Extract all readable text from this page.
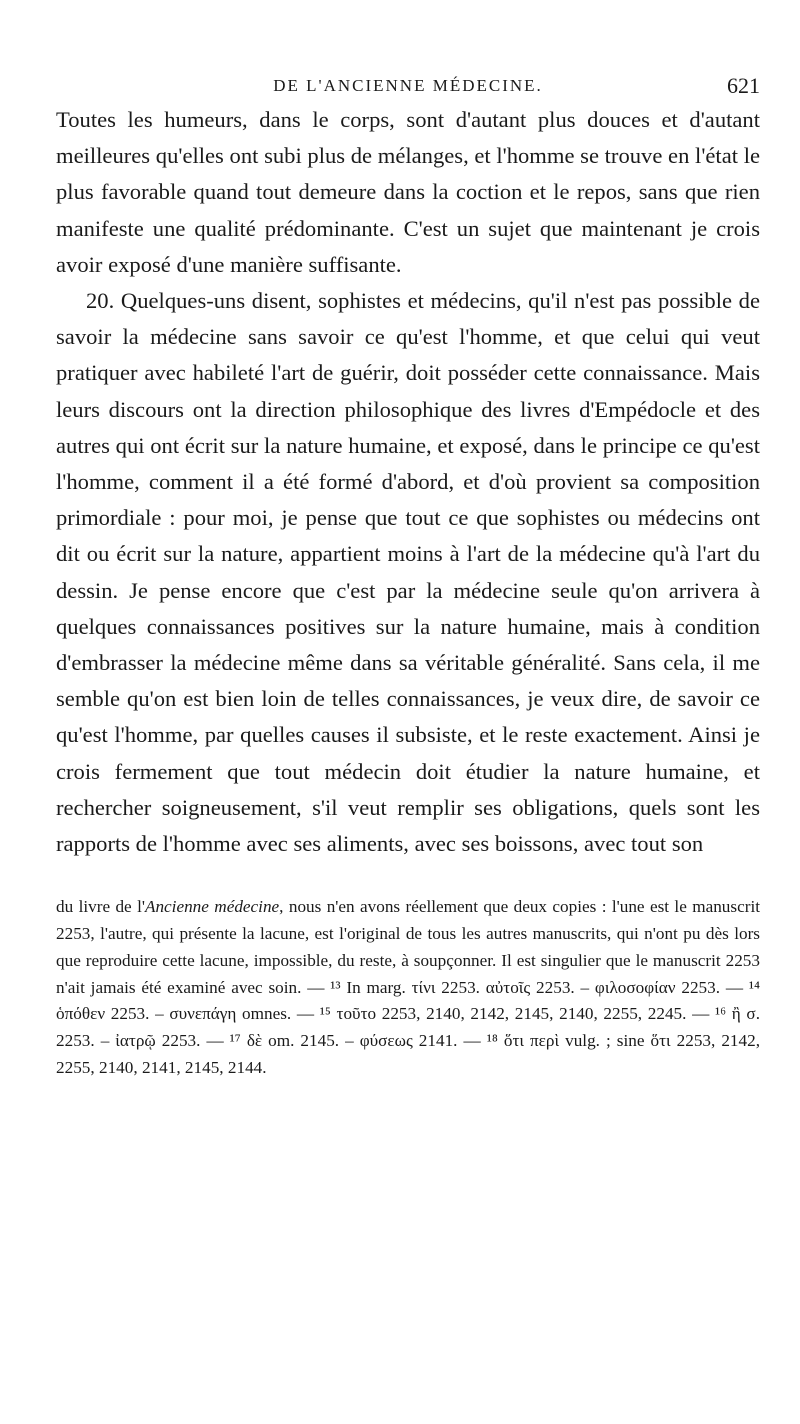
DE L'ANCIENNE MÉDECINE.	621

Toutes les humeurs, dans le corps, sont d'autant plus douces et d'autant meilleures qu'elles ont subi plus de mélanges, et l'homme se trouve en l'état le plus favorable quand tout demeure dans la coction et le repos, sans que rien manifeste une qualité prédominante. C'est un sujet que maintenant je crois avoir exposé d'une manière suffisante.

20. Quelques-uns disent, sophistes et médecins, qu'il n'est pas possible de savoir la médecine sans savoir ce qu'est l'homme, et que celui qui veut pratiquer avec habileté l'art de guérir, doit posséder cette connaissance. Mais leurs discours ont la direction philosophique des livres d'Empédocle et des autres qui ont écrit sur la nature humaine, et exposé, dans le principe ce qu'est l'homme, comment il a été formé d'abord, et d'où provient sa composition primordiale : pour moi, je pense que tout ce que sophistes ou médecins ont dit ou écrit sur la nature, appartient moins à l'art de la médecine qu'à l'art du dessin. Je pense encore que c'est par la médecine seule qu'on arrivera à quelques connaissances positives sur la nature humaine, mais à condition d'embrasser la médecine même dans sa véritable généralité. Sans cela, il me semble qu'on est bien loin de telles connaissances, je veux dire, de savoir ce qu'est l'homme, par quelles causes il subsiste, et le reste exactement. Ainsi je crois fermement que tout médecin doit étudier la nature humaine, et rechercher soigneusement, s'il veut remplir ses obligations, quels sont les rapports de l'homme avec ses aliments, avec ses boissons, avec tout son

du livre de l'Ancienne médecine, nous n'en avons réellement que deux copies : l'une est le manuscrit 2253, l'autre, qui présente la lacune, est l'original de tous les autres manuscrits, qui n'ont pu dès lors que reproduire cette lacune, impossible, du reste, à soupçonner. Il est singulier que le manuscrit 2253 n'ait jamais été examiné avec soin. — ¹³ In marg. τίνι 2253. αὐτοῖς 2253. – φιλοσοφίαν 2253. — ¹⁴ ὁπόθεν 2253. – συνεπάγη omnes. — ¹⁵ τοῦτο 2253, 2140, 2142, 2145, 2140, 2255, 2245. — ¹⁶ ἢ σ. 2253. – ἰατρῷ 2253. — ¹⁷ δὲ om. 2145. – φύσεως 2141. — ¹⁸ ὅτι περὶ vulg. ; sine ὅτι 2253, 2142, 2255, 2140, 2141, 2145, 2144.
